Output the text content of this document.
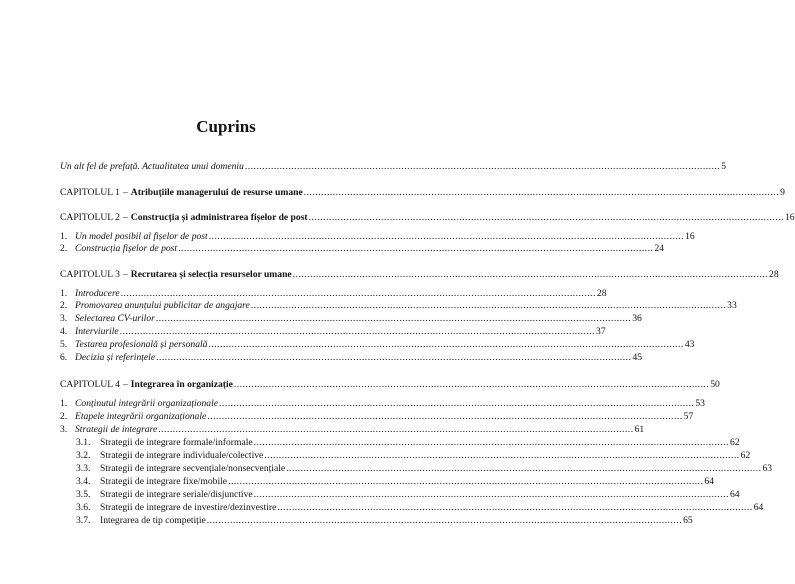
Cuprins
Un alt fel de prefață. Actualitatea unui domeniu .....	5
CAPITOLUL 1 – Atribuțiile managerului de resurse umane .....	9
CAPITOLUL 2 – Construcția și administrarea fișelor de post .....	16
1. Un model posibil al fișelor de post .....	16
2. Construcția fișelor de post .....	24
CAPITOLUL 3 – Recrutarea și selecția resurselor umane .....	28
1. Introducere .....	28
2. Promovarea anunțului publicitar de angajare .....	33
3. Selectarea CV-urilor .....	36
4. Interviurile .....	37
5. Testarea profesională și personală .....	43
6. Decizia și referințele .....	45
CAPITOLUL 4 – Integrarea în organizație .....	50
1. Conținutul integrării organizaționale .....	53
2. Etapele integrării organizaționale .....	57
3. Strategii de integrare .....	61
3.1.	Strategii de integrare formale/informale .....	62
3.2.	Strategii de integrare individuale/colective .....	62
3.3.	Strategii de integrare secvențiale/nonsecvențiale .....	63
3.4.	Strategii de integrare fixe/mobile .....	64
3.5.	Strategii de integrare seriale/disjunctive .....	64
3.6.	Strategii de integrare de investire/dezinvestire .....	64
3.7.	Integrarea de tip competiție .....	65
